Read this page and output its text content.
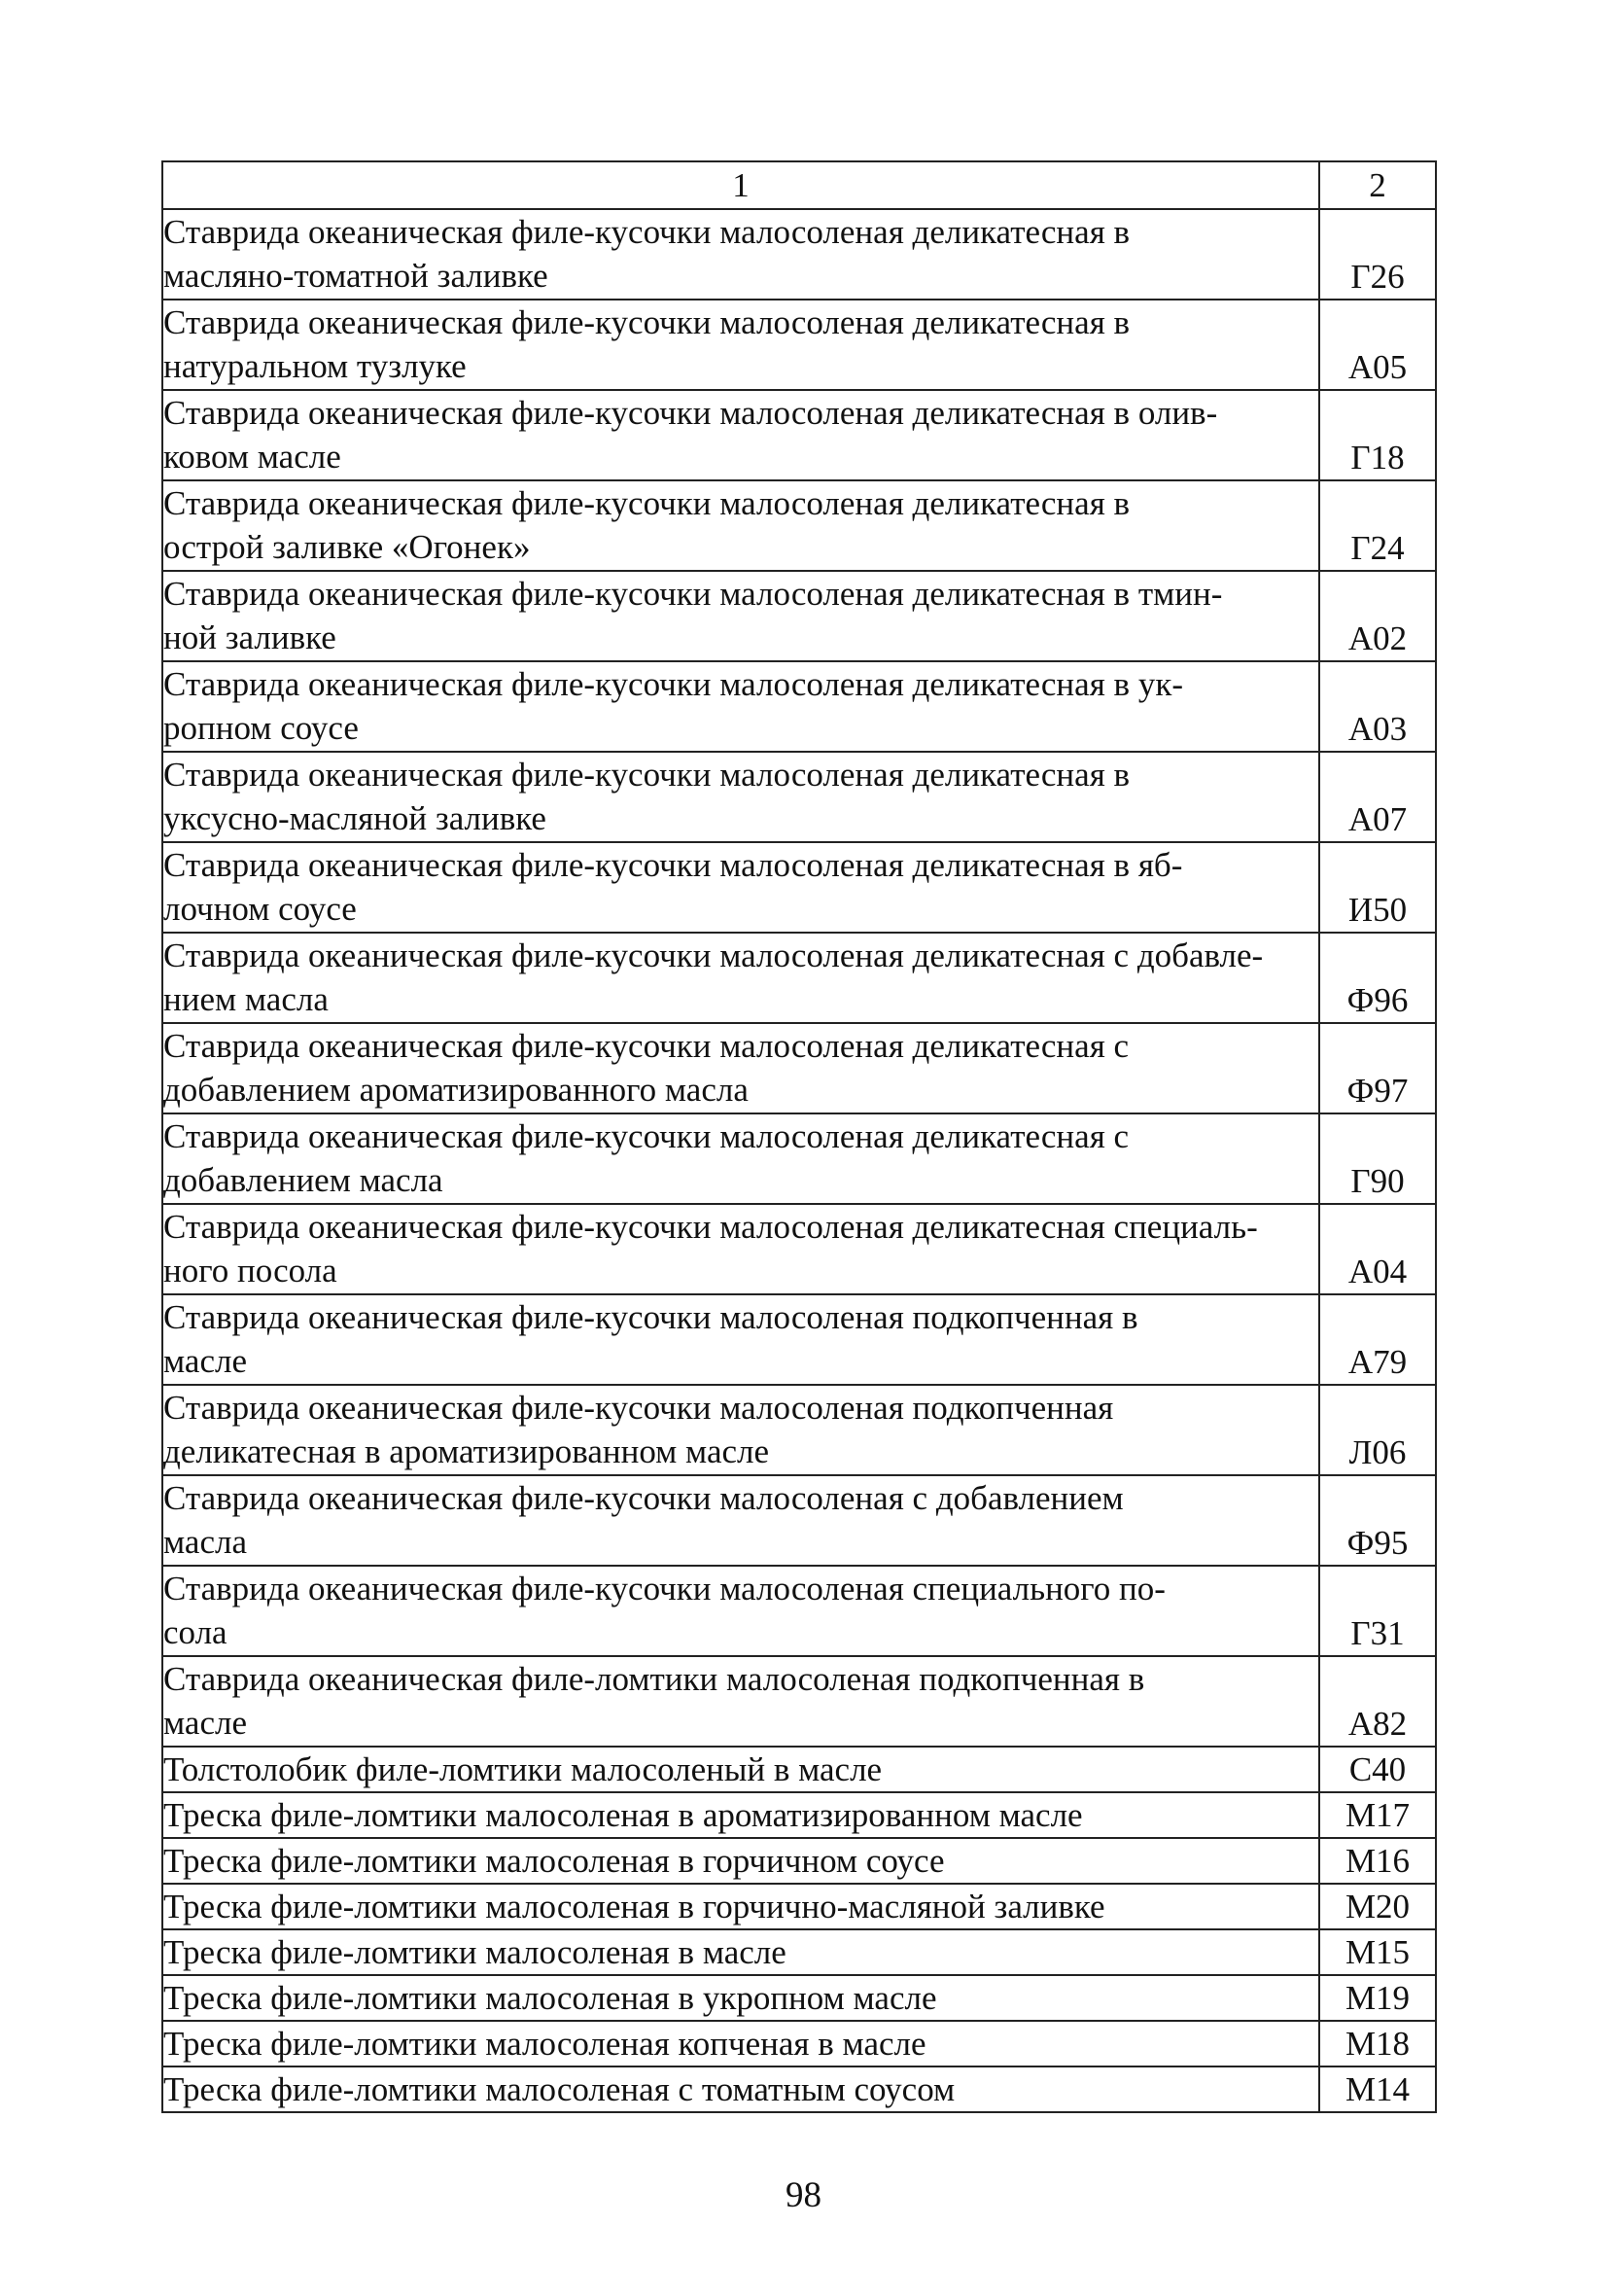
1	2
Ставрида океаническая филе-кусочки малосоленая деликатесная в
масляно-томатной заливке	Г26
Ставрида океаническая филе-кусочки малосоленая деликатесная в
натуральном тузлуке	А05
Ставрида океаническая филе-кусочки малосоленая деликатесная в олив-
ковом масле	Г18
Ставрида океаническая филе-кусочки малосоленая деликатесная в
острой заливке «Огонек»	Г24
Ставрида океаническая филе-кусочки малосоленая деликатесная в тмин-
ной заливке	А02
Ставрида океаническая филе-кусочки малосоленая деликатесная в ук-
ропном соусе	А03
Ставрида океаническая филе-кусочки малосоленая деликатесная в
уксусно-масляной заливке	А07
Ставрида океаническая филе-кусочки малосоленая деликатесная в яб-
лочном соусе	И50
Ставрида океаническая филе-кусочки малосоленая деликатесная с добавле-
нием масла	Ф96
Ставрида океаническая филе-кусочки малосоленая деликатесная с
добавлением ароматизированного масла	Ф97
Ставрида океаническая филе-кусочки малосоленая деликатесная с
добавлением масла	Г90
Ставрида океаническая филе-кусочки малосоленая деликатесная специаль-
ного посола	А04
Ставрида океаническая филе-кусочки малосоленая подкопченная в
масле	А79
Ставрида океаническая филе-кусочки малосоленая подкопченная
деликатесная в ароматизированном масле	Л06
Ставрида океаническая филе-кусочки малосоленая с добавлением
масла	Ф95
Ставрида океаническая филе-кусочки малосоленая специального по-
сола	Г31
Ставрида океаническая филе-ломтики малосоленая подкопченная в
масле	А82
Толстолобик филе-ломтики малосоленый в масле	С40
Треска филе-ломтики малосоленая в ароматизированном масле	М17
Треска филе-ломтики малосоленая в горчичном соусе	М16
Треска филе-ломтики малосоленая в горчично-масляной заливке	М20
Треска филе-ломтики малосоленая в масле	М15
Треска филе-ломтики малосоленая в укропном масле	М19
Треска филе-ломтики малосоленая копченая в масле	М18
Треска филе-ломтики малосоленая с томатным соусом	М14
98
